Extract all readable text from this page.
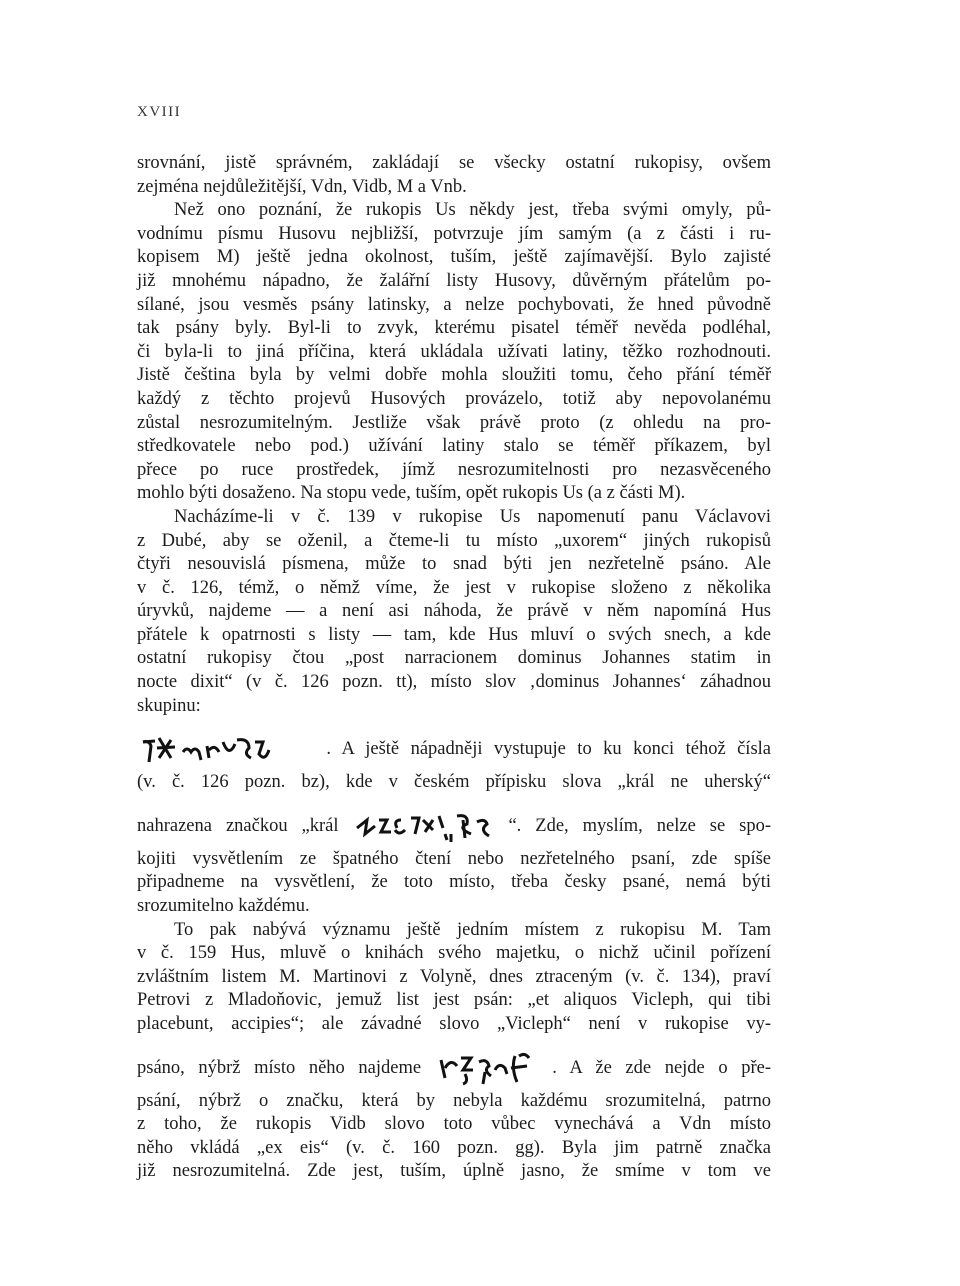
XVIII
srovnání, jistě správném, zakládají se všecky ostatní rukopisy, ovšem
zejména nejdůležitější, Vdn, Vidb, M a Vnb.
Než ono poznání, že rukopis Us někdy jest, třeba svými omyly, pů-
vodnímu písmu Husovu nejbližší, potvrzuje jím samým (a z části i ru-
kopisem M) ještě jedna okolnost, tuším, ještě zajímavější. Bylo zajisté
již mnohému nápadno, že žalářní listy Husovy, důvěrným přátelům po-
sílané, jsou vesměs psány latinsky, a nelze pochybovati, že hned původně
tak psány byly. Byl-li to zvyk, kterému pisatel téměř nevěda podléhal,
či byla-li to jiná příčina, která ukládala užívati latiny, těžko rozhodnouti.
Jistě čeština byla by velmi dobře mohla sloužiti tomu, čeho přání téměř
každý z těchto projevů Husových provázelo, totiž aby nepovolanému
zůstal nesrozumitelným. Jestliže však právě proto (z ohledu na pro-
středkovatele nebo pod.) užívání latiny stalo se téměř příkazem, byl
přece po ruce prostředek, jímž nesrozumitelnosti pro nezasvěceného
mohlo býti dosaženo. Na stopu vede, tuším, opět rukopis Us (a z části M).
Nacházíme-li v č. 139 v rukopise Us napomenutí panu Václavovi
z Dubé, aby se oženil, a čteme-li tu místo „uxorem“ jiných rukopisů
čtyři nesouvislá písmena, může to snad býti jen nezřetelně psáno. Ale
v č. 126, témž, o němž víme, že jest v rukopise složeno z několika
úryvků, najdeme — a není asi náhoda, že právě v něm napomíná Hus
přátele k opatrnosti s listy — tam, kde Hus mluví o svých snech, a kde
ostatní rukopisy čtou „post narracionem dominus Johannes statim in
nocte dixit“ (v č. 126 pozn. tt), místo slov ‚dominus Johannes‘ záhadnou
skupinu:
. A ještě nápadněji vystupuje to ku konci téhož čísla
(v. č. 126 pozn. bz), kde v českém přípisku slova „král ne uherský“
nahrazena značkou „král	“. Zde, myslím, nelze se spo-
kojiti vysvětlením ze špatného čtení nebo nezřetelného psaní, zde spíše
připadneme na vysvětlení, že toto místo, třeba česky psané, nemá býti
srozumitelno každému.
To pak nabývá významu ještě jedním místem z rukopisu M. Tam
v č. 159 Hus, mluvě o knihách svého majetku, o nichž učinil pořízení
zvláštním listem M. Martinovi z Volyně, dnes ztraceným (v. č. 134), praví
Petrovi z Mladoňovic, jemuž list jest psán: „et aliquos Vicleph, qui tibi
placebunt, accipies“; ale závadné slovo „Vicleph“ není v rukopise vy-
psáno, nýbrž místo něho najdeme	. A že zde nejde o pře-
psání, nýbrž o značku, která by nebyla každému srozumitelná, patrno
z toho, že rukopis Vidb slovo toto vůbec vynechává a Vdn místo
něho vkládá „ex eis“ (v. č. 160 pozn. gg). Byla jim patrně značka
již nesrozumitelná. Zde jest, tuším, úplně jasno, že smíme v tom ve
